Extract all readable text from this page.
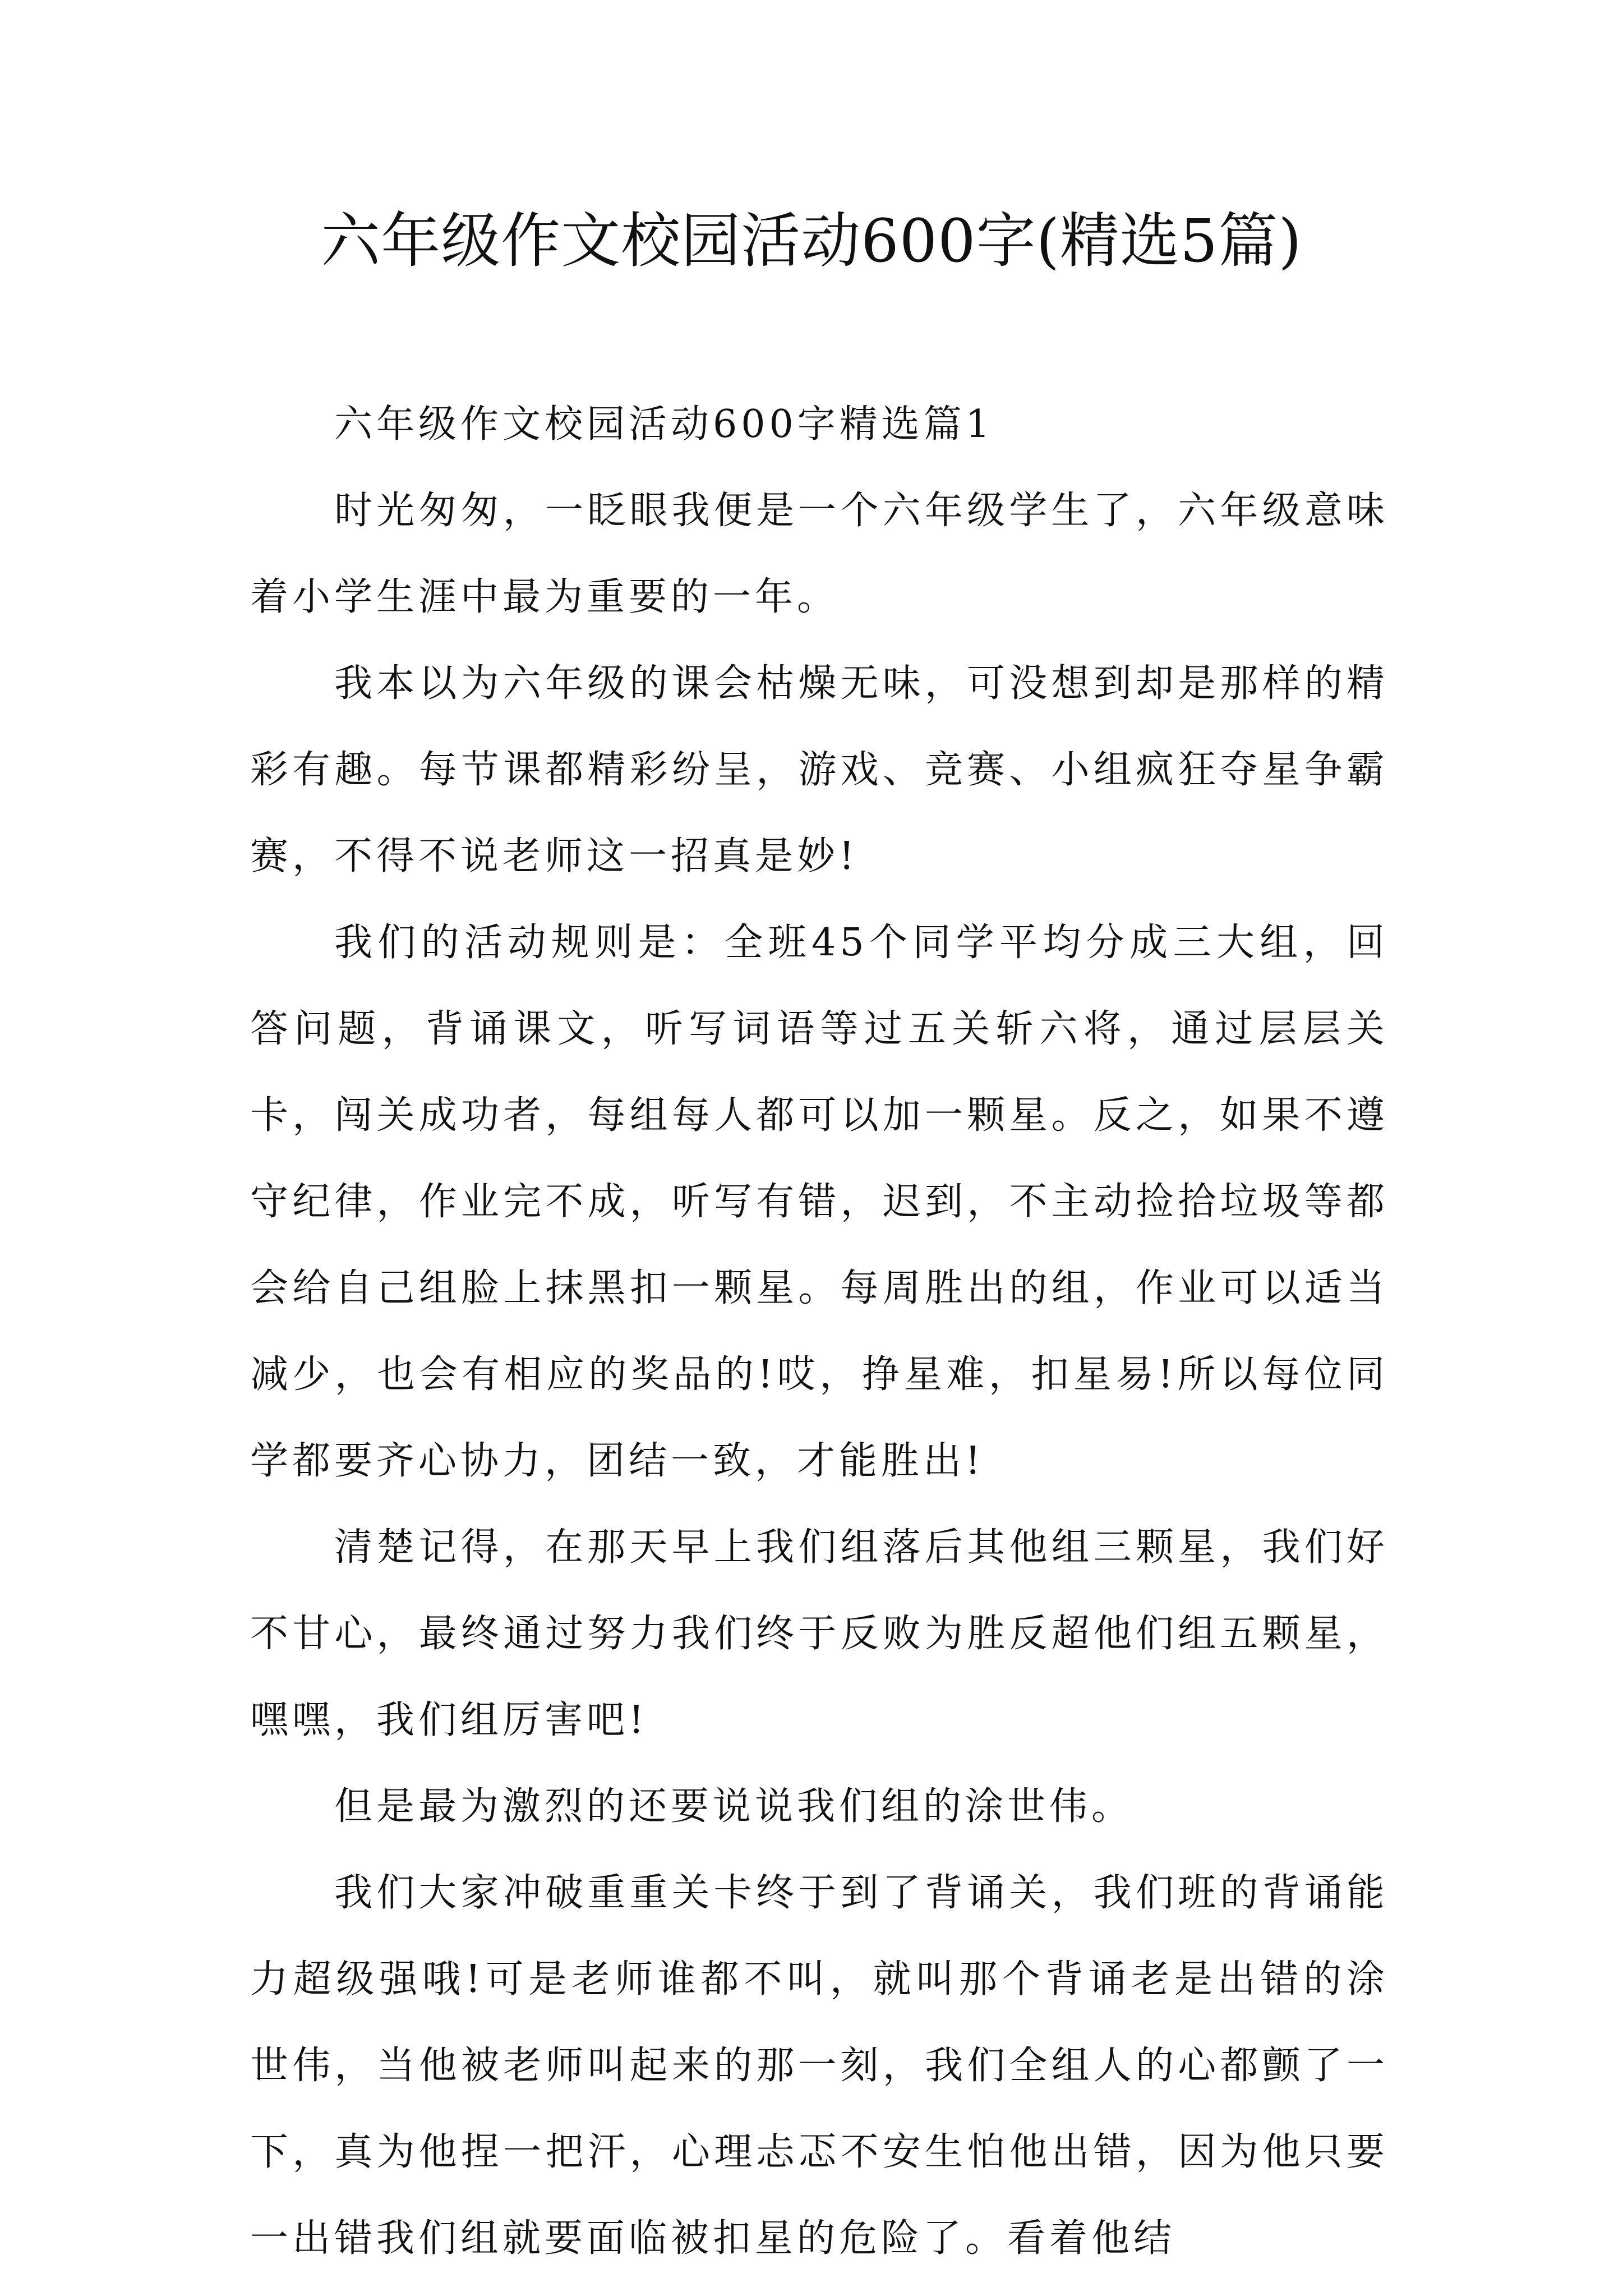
六年级作文校园活动600字(精选5篇)

六年级作文校园活动600字精选篇1

时光匆匆，一眨眼我便是一个六年级学生了，六年级意味着小学生涯中最为重要的一年。

我本以为六年级的课会枯燥无味，可没想到却是那样的精彩有趣。每节课都精彩纷呈，游戏、竞赛、小组疯狂夺星争霸赛，不得不说老师这一招真是妙!

我们的活动规则是：全班45个同学平均分成三大组，回答问题，背诵课文，听写词语等过五关斩六将，通过层层关卡，闯关成功者，每组每人都可以加一颗星。反之，如果不遵守纪律，作业完不成，听写有错，迟到，不主动捡拾垃圾等都会给自己组脸上抹黑扣一颗星。每周胜出的组，作业可以适当减少，也会有相应的奖品的!哎，挣星难，扣星易!所以每位同学都要齐心协力，团结一致，才能胜出!

清楚记得，在那天早上我们组落后其他组三颗星，我们好不甘心，最终通过努力我们终于反败为胜反超他们组五颗星，嘿嘿，我们组厉害吧!

但是最为激烈的还要说说我们组的涂世伟。

我们大家冲破重重关卡终于到了背诵关，我们班的背诵能力超级强哦!可是老师谁都不叫，就叫那个背诵老是出错的涂世伟，当他被老师叫起来的那一刻，我们全组人的心都颤了一下，真为他捏一把汗，心理忐忑不安生怕他出错，因为他只要一出错我们组就要面临被扣星的危险了。看着他结
